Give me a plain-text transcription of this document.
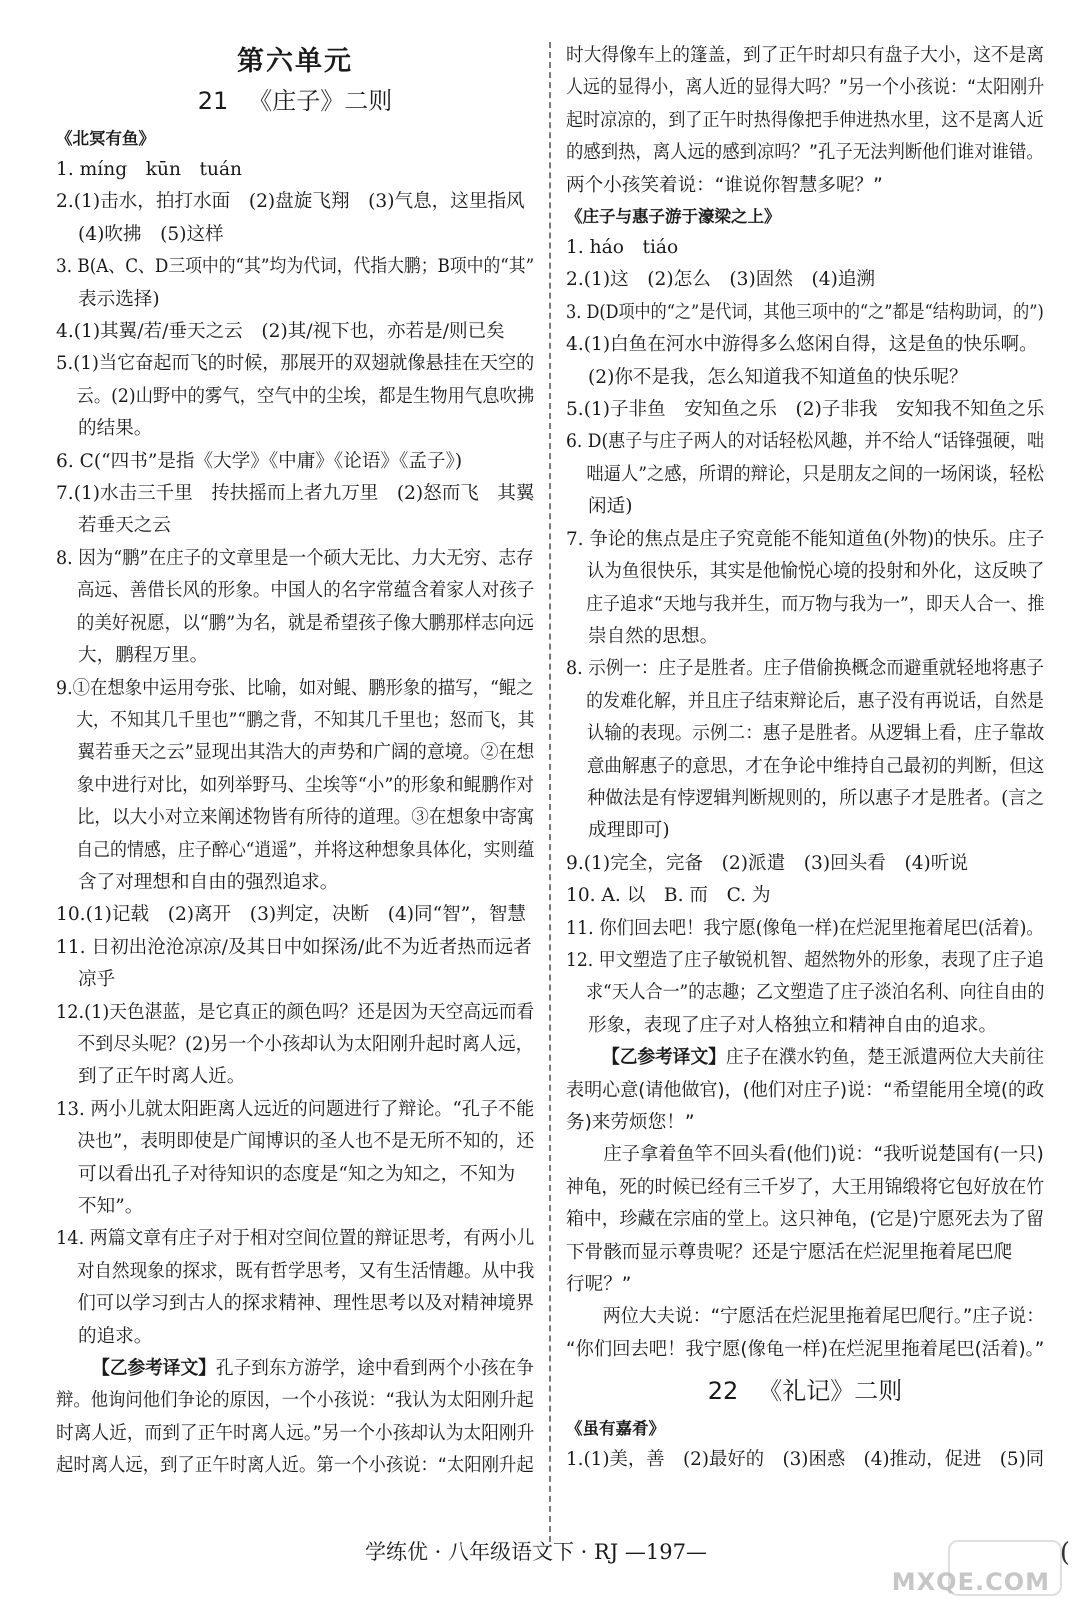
第六单元
21 《庄子》二则
《北冥有鱼》
1. míng　kūn　tuán
2.(1)击水，拍打水面　(2)盘旋飞翔　(3)气息，这里指风
(4)吹拂　(5)这样
3. B(A、C、D三项中的“其”均为代词，代指大鹏；B项中的“其”
表示选择)
4.(1)其翼/若/垂天之云　(2)其/视下也，亦若是/则已矣
5.(1)当它奋起而飞的时候，那展开的双翅就像悬挂在天空的
云。(2)山野中的雾气，空气中的尘埃，都是生物用气息吹拂
的结果。
6. C(“四书”是指《大学》《中庸》《论语》《孟子》)
7.(1)水击三千里　抟扶摇而上者九万里　(2)怒而飞　其翼
若垂天之云
8. 因为“鹏”在庄子的文章里是一个硕大无比、力大无穷、志存
高远、善借长风的形象。中国人的名字常蕴含着家人对孩子
的美好祝愿，以“鹏”为名，就是希望孩子像大鹏那样志向远
大，鹏程万里。
9.①在想象中运用夸张、比喻，如对鲲、鹏形象的描写，“鲲之
大，不知其几千里也”“鹏之背，不知其几千里也；怒而飞，其
翼若垂天之云”显现出其浩大的声势和广阔的意境。②在想
象中进行对比，如列举野马、尘埃等“小”的形象和鲲鹏作对
比，以大小对立来阐述物皆有所待的道理。③在想象中寄寓
自己的情感，庄子醉心“逍遥”，并将这种想象具体化，实则蕴
含了对理想和自由的强烈追求。
10.(1)记载　(2)离开　(3)判定，决断　(4)同“智”，智慧
11. 日初出沧沧凉凉/及其日中如探汤/此不为近者热而远者
凉乎
12.(1)天色湛蓝，是它真正的颜色吗？还是因为天空高远而看
不到尽头呢？(2)另一个小孩却认为太阳刚升起时离人远，
到了正午时离人近。
13. 两小儿就太阳距离人远近的问题进行了辩论。“孔子不能
决也”，表明即使是广闻博识的圣人也不是无所不知的，还
可以看出孔子对待知识的态度是“知之为知之，不知为
不知”。
14. 两篇文章有庄子对于相对空间位置的辩证思考，有两小儿
对自然现象的探求，既有哲学思考，又有生活情趣。从中我
们可以学习到古人的探求精神、理性思考以及对精神境界
的追求。
【乙参考译文】孔子到东方游学，途中看到两个小孩在争
辩。他询问他们争论的原因，一个小孩说：“我认为太阳刚升起
时离人近，而到了正午时离人远。”另一个小孩却认为太阳刚升
起时离人远，到了正午时离人近。第一个小孩说：“太阳刚升起
时大得像车上的篷盖，到了正午时却只有盘子大小，这不是离
人远的显得小，离人近的显得大吗？”另一个小孩说：“太阳刚升
起时凉凉的，到了正午时热得像把手伸进热水里，这不是离人近
的感到热，离人远的感到凉吗？”孔子无法判断他们谁对谁错。
两个小孩笑着说：“谁说你智慧多呢？”
《庄子与惠子游于濠梁之上》
1. háo　tiáo
2.(1)这　(2)怎么　(3)固然　(4)追溯
3. D(D项中的“之”是代词，其他三项中的“之”都是“结构助词，的”)
4.(1)白鱼在河水中游得多么悠闲自得，这是鱼的快乐啊。
(2)你不是我，怎么知道我不知道鱼的快乐呢？
5.(1)子非鱼　安知鱼之乐　(2)子非我　安知我不知鱼之乐
6. D(惠子与庄子两人的对话轻松风趣，并不给人“话锋强硬，咄
咄逼人”之感，所谓的辩论，只是朋友之间的一场闲谈，轻松
闲适)
7. 争论的焦点是庄子究竟能不能知道鱼(外物)的快乐。庄子
认为鱼很快乐，其实是他愉悦心境的投射和外化，这反映了
庄子追求“天地与我并生，而万物与我为一”，即天人合一、推
崇自然的思想。
8. 示例一：庄子是胜者。庄子借偷换概念而避重就轻地将惠子
的发难化解，并且庄子结束辩论后，惠子没有再说话，自然是
认输的表现。示例二：惠子是胜者。从逻辑上看，庄子靠故
意曲解惠子的意思，才在争论中维持自己最初的判断，但这
种做法是有悖逻辑判断规则的，所以惠子才是胜者。(言之
成理即可)
9.(1)完全，完备　(2)派遣　(3)回头看　(4)听说
10. A. 以　B. 而　C. 为
11. 你们回去吧！我宁愿(像龟一样)在烂泥里拖着尾巴(活着)。
12. 甲文塑造了庄子敏锐机智、超然物外的形象，表现了庄子追
求“天人合一”的志趣；乙文塑造了庄子淡泊名利、向往自由的
形象，表现了庄子对人格独立和精神自由的追求。
【乙参考译文】庄子在濮水钓鱼，楚王派遣两位大夫前往
表明心意(请他做官)，(他们对庄子)说：“希望能用全境(的政
务)来劳烦您！”
庄子拿着鱼竿不回头看(他们)说：“我听说楚国有(一只)
神龟，死的时候已经有三千岁了，大王用锦缎将它包好放在竹
箱中，珍藏在宗庙的堂上。这只神龟，(它是)宁愿死去为了留
下骨骸而显示尊贵呢？还是宁愿活在烂泥里拖着尾巴爬
行呢？”
两位大夫说：“宁愿活在烂泥里拖着尾巴爬行。”庄子说：
“你们回去吧！我宁愿(像龟一样)在烂泥里拖着尾巴(活着)。”
22 《礼记》二则
《虽有嘉肴》
1.(1)美，善　(2)最好的　(3)困惑　(4)推动，促进　(5)同
学练优 · 八年级语文下 · RJ —197—
MXQE.COM
(
